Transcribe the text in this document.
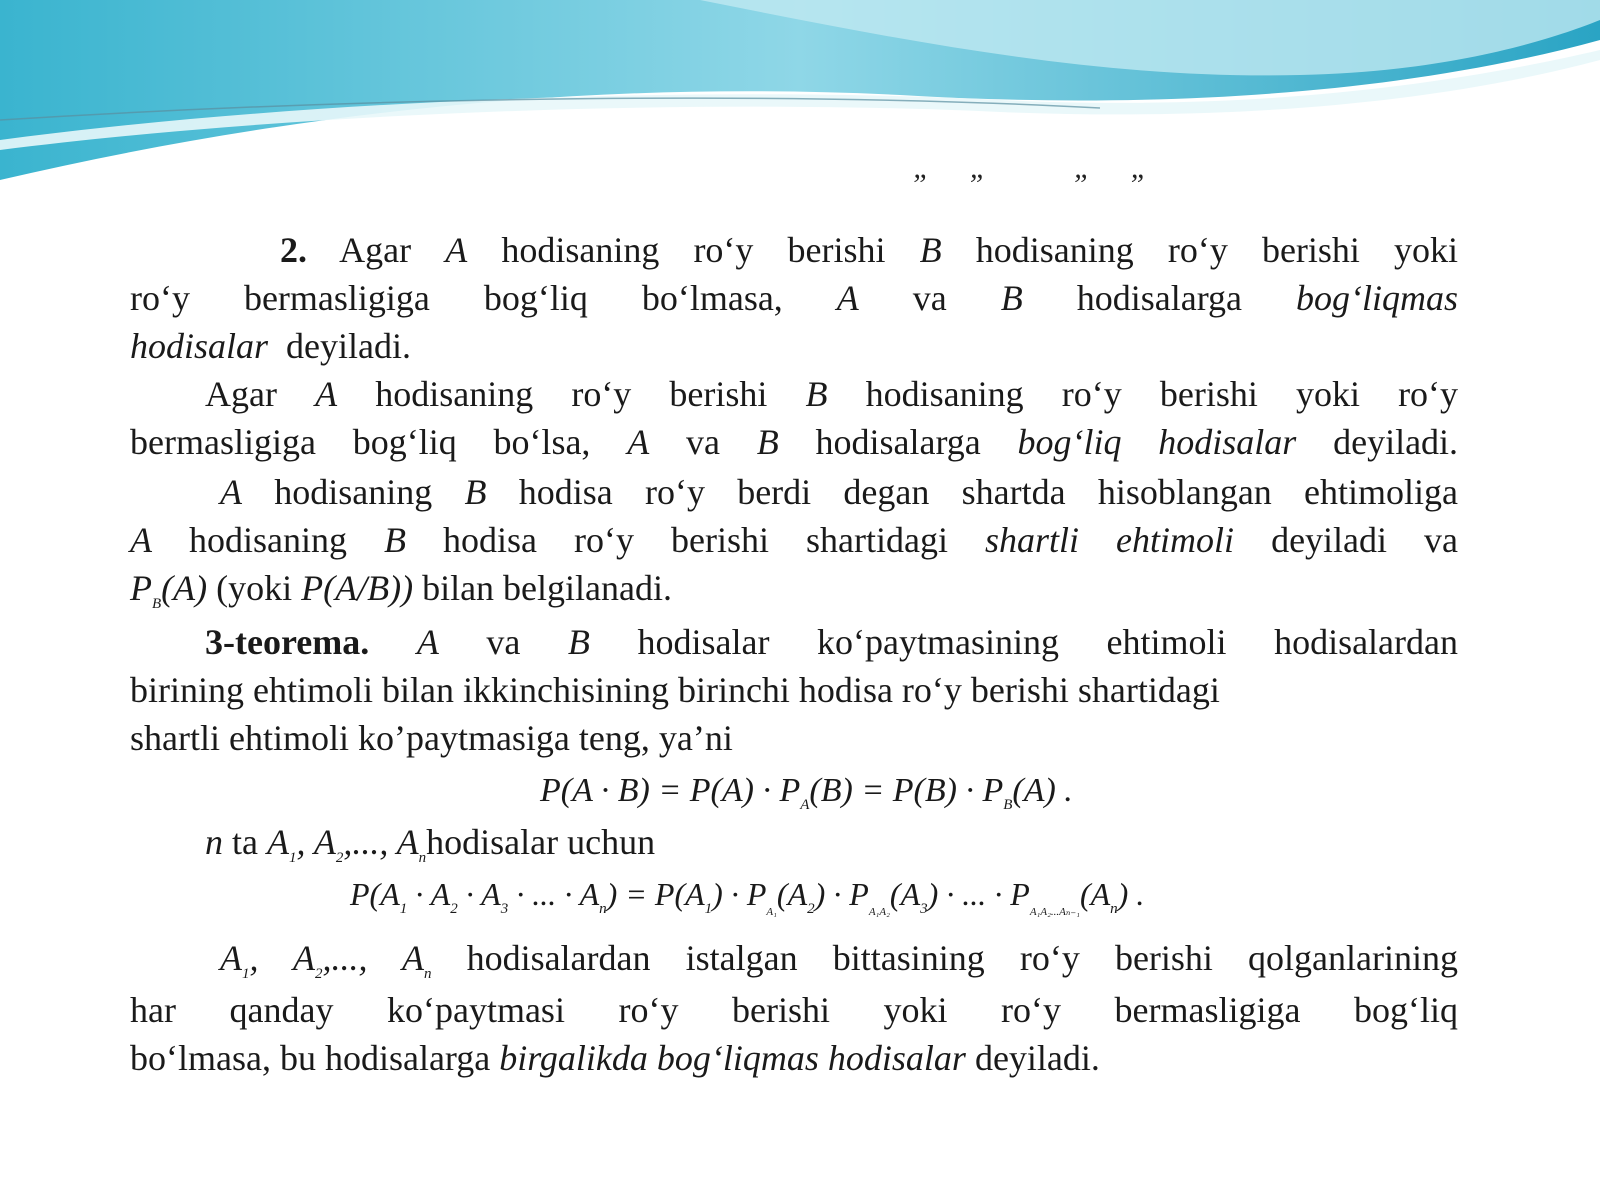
”” ””
2. Agar A hodisaning ro‘y berishi B hodisaning ro‘y berishi yoki
ro‘y bermasligiga bog‘liq bo‘lmasa, A va B hodisalarga bog‘liqmas
hodisalar deyiladi.
Agar A hodisaning ro‘y berishi B hodisaning ro‘y berishi yoki ro‘y
bermasligiga bog‘liq bo‘lsa, A va B hodisalarga bog‘liq hodisalar deyiladi.
A hodisaning B hodisa ro‘y berdi degan shartda hisoblangan ehtimoliga
A hodisaning B hodisa ro‘y berishi shartidagi shartli ehtimoli deyiladi va
$P_B(A)$ (yoki P(A/B)) bilan belgilanadi.
3-teorema. A va B hodisalar ko‘paytmasining ehtimoli hodisalardan
birining ehtimoli bilan ikkinchisining birinchi hodisa ro‘y berishi shartidagi
shartli ehtimoli ko’paytmasiga teng, ya’ni
$P(A \cdot B) = P(A) \cdot P_A(B) = P(B) \cdot P_B(A)$ .
n ta $A_1$, $A_2$,..., $A_nhodisalar$ uchun
$P(A_1 \cdot A_2 \cdot A_3$ · ... · $A_n) = P(A_1) \cdot P_{A_1}(A_2) \cdot P_{A_1A_2}(A_3)$ · ... · $P_{A_1A_2...A_{n-1}}(A_n)$ .
$A_1$, $A_2$,..., $A_n$ hodisalardan istalgan bittasining ro‘y berishi qolganlarining
har qanday ko‘paytmasi ro‘y berishi yoki ro‘y bermasligiga bog‘liq
bo‘lmasa, bu hodisalarga birgalikda bog‘liqmas hodisalar deyiladi.
